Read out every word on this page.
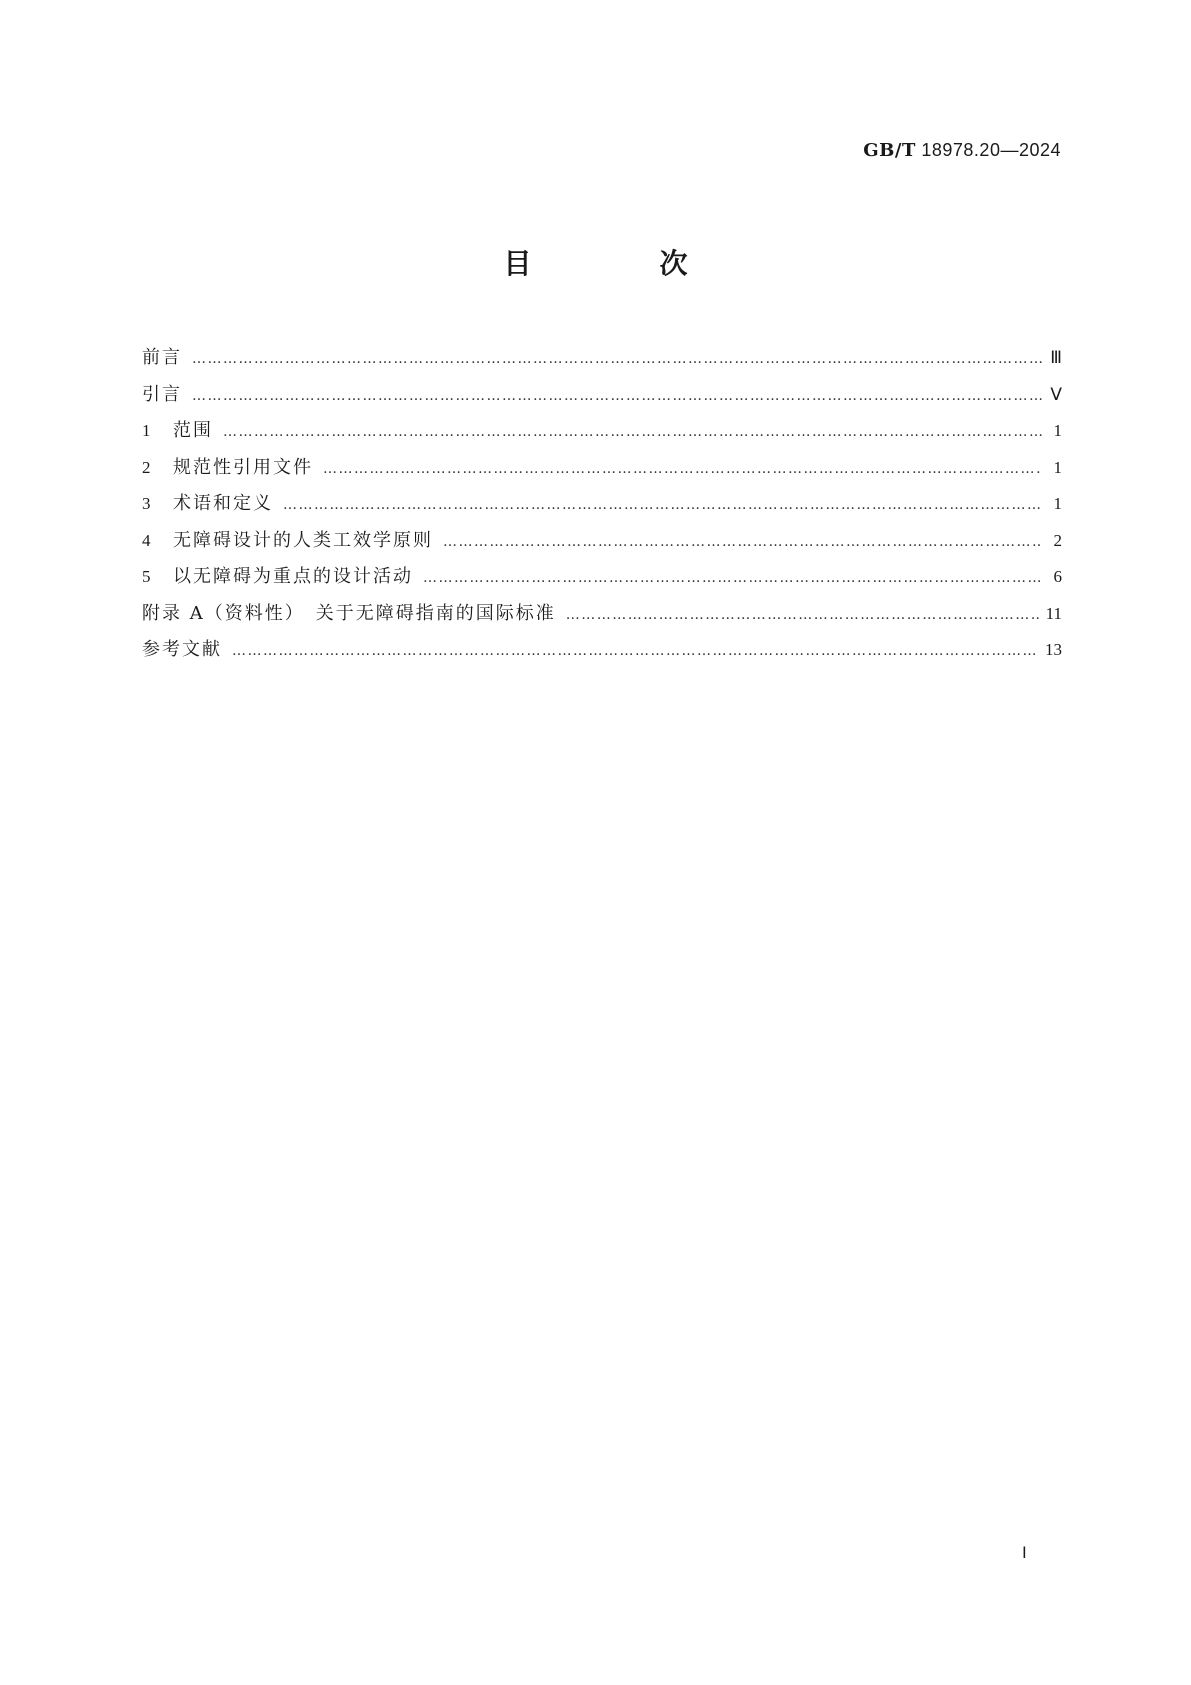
GB/T 18978.20—2024
目　次
前言 …………………………………………………………………………………………………………………………………………………………………………………………………………………………	Ⅲ
引言 …………………………………………………………………………………………………………………………………………………………………………………………………………………………	Ⅴ
1	范围 …………………………………………………………………………………………………………………………………………………………………………………………………………………………	1
2	规范性引用文件 …………………………………………………………………………………………………………………………………………………………………………………………………………………………	1
3	术语和定义 …………………………………………………………………………………………………………………………………………………………………………………………………………………………	1
4	无障碍设计的人类工效学原则 …………………………………………………………………………………………………………………………………………………………………………………………………………………………	2
5	以无障碍为重点的设计活动 …………………………………………………………………………………………………………………………………………………………………………………………………………………………	6
附录 A（资料性）　关于无障碍指南的国际标准 …………………………………………………………………………………………………………………………………………………………………………………………………………………………	11
参考文献 …………………………………………………………………………………………………………………………………………………………………………………………………………………………	13
Ⅰ
